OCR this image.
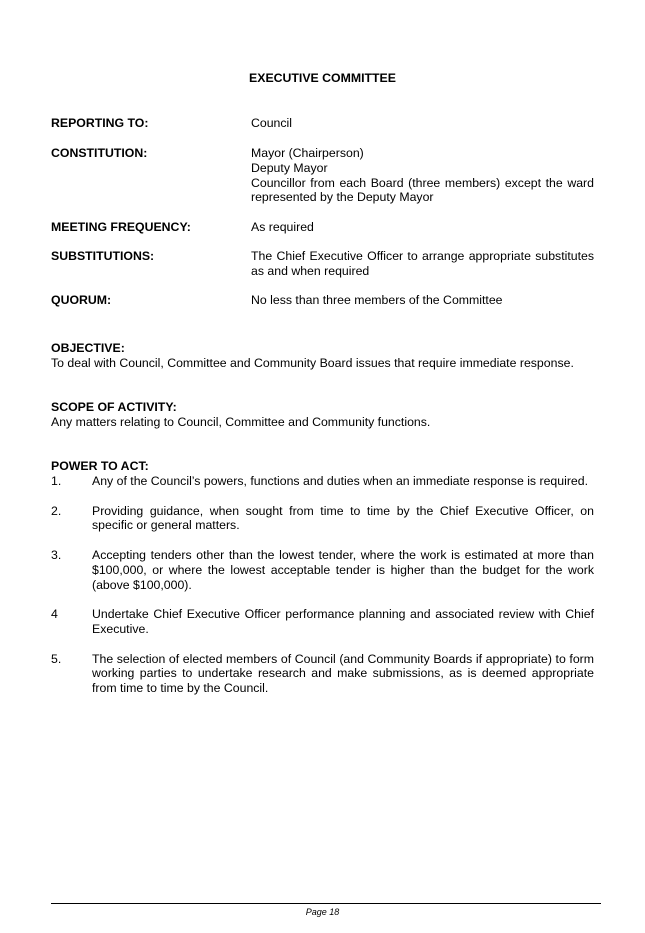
EXECUTIVE COMMITTEE
REPORTING TO:	Council
CONSTITUTION:	Mayor (Chairperson)
Deputy Mayor
Councillor from each Board (three members) except the ward represented by the Deputy Mayor
MEETING FREQUENCY:	As required
SUBSTITUTIONS:	The Chief Executive Officer to arrange appropriate substitutes as and when required
QUORUM:	No less than three members of the Committee
OBJECTIVE:
To deal with Council, Committee and Community Board issues that require immediate response.
SCOPE OF ACTIVITY:
Any matters relating to Council, Committee and Community functions.
POWER TO ACT:
1. Any of the Council’s powers, functions and duties when an immediate response is required.
2. Providing guidance, when sought from time to time by the Chief Executive Officer, on specific or general matters.
3. Accepting tenders other than the lowest tender, where the work is estimated at more than $100,000, or where the lowest acceptable tender is higher than the budget for the work (above $100,000).
4	Undertake Chief Executive Officer performance planning and associated review with Chief Executive.
5. The selection of elected members of Council (and Community Boards if appropriate) to form working parties to undertake research and make submissions, as is deemed appropriate from time to time by the Council.
Page 18
